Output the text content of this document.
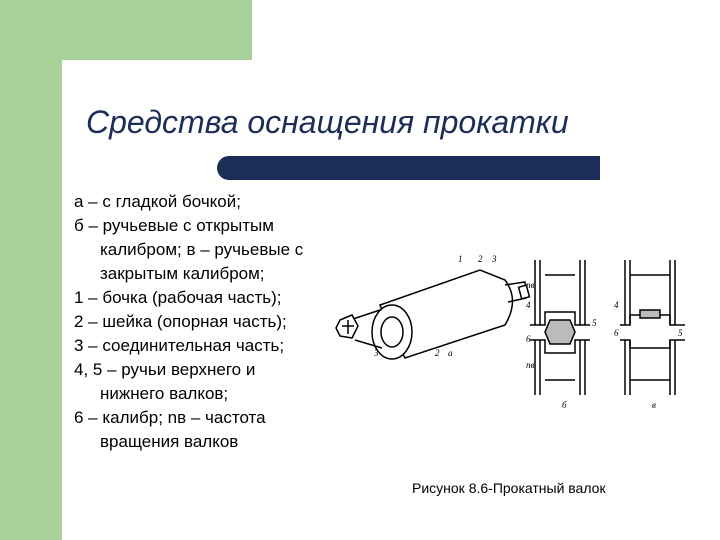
Средства оснащения прокатки
а – с гладкой бочкой;
б – ручьевые с открытым
калибром; в – ручьевые с
закрытым калибром;
1 – бочка (рабочая часть);
2 – шейка (опорная часть);
3 – соединительная часть;
4, 5 – ручьи верхнего и
нижнего валков;
6 – калибр; nв – частота
вращения валков
1 2 3
3	2 а
nв
4
6
5
nв
б
4
6	5
в
Рисунок 8.6-Прокатный валок
